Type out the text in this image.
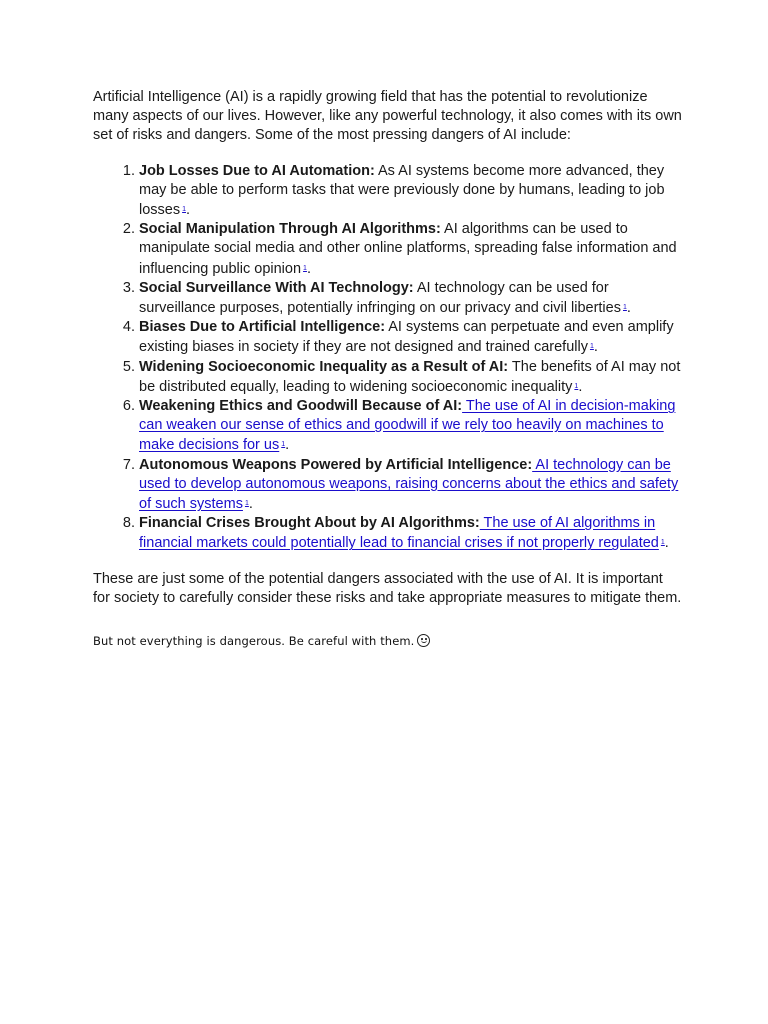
Artificial Intelligence (AI) is a rapidly growing field that has the potential to revolutionize many aspects of our lives. However, like any powerful technology, it also comes with its own set of risks and dangers. Some of the most pressing dangers of AI include:

1. Job Losses Due to AI Automation: As AI systems become more advanced, they may be able to perform tasks that were previously done by humans, leading to job losses $^1$.
2. Social Manipulation Through AI Algorithms: AI algorithms can be used to manipulate social media and other online platforms, spreading false information and influencing public opinion $^1$.
3. Social Surveillance With AI Technology: AI technology can be used for surveillance purposes, potentially infringing on our privacy and civil liberties $^1$.
4. Biases Due to Artificial Intelligence: AI systems can perpetuate and even amplify existing biases in society if they are not designed and trained carefully $^1$.
5. Widening Socioeconomic Inequality as a Result of AI: The benefits of AI may not be distributed equally, leading to widening socioeconomic inequality $^1$.
6. Weakening Ethics and Goodwill Because of AI: The use of AI in decision-making can weaken our sense of ethics and goodwill if we rely too heavily on machines to make decisions for us $^1$.
7. Autonomous Weapons Powered by Artificial Intelligence: AI technology can be used to develop autonomous weapons, raising concerns about the ethics and safety of such systems $^1$.
8. Financial Crises Brought About by AI Algorithms: The use of AI algorithms in financial markets could potentially lead to financial crises if not properly regulated $^1$.

These are just some of the potential dangers associated with the use of AI. It is important for society to carefully consider these risks and take appropriate measures to mitigate them.

But not everything is dangerous. Be careful with them.
